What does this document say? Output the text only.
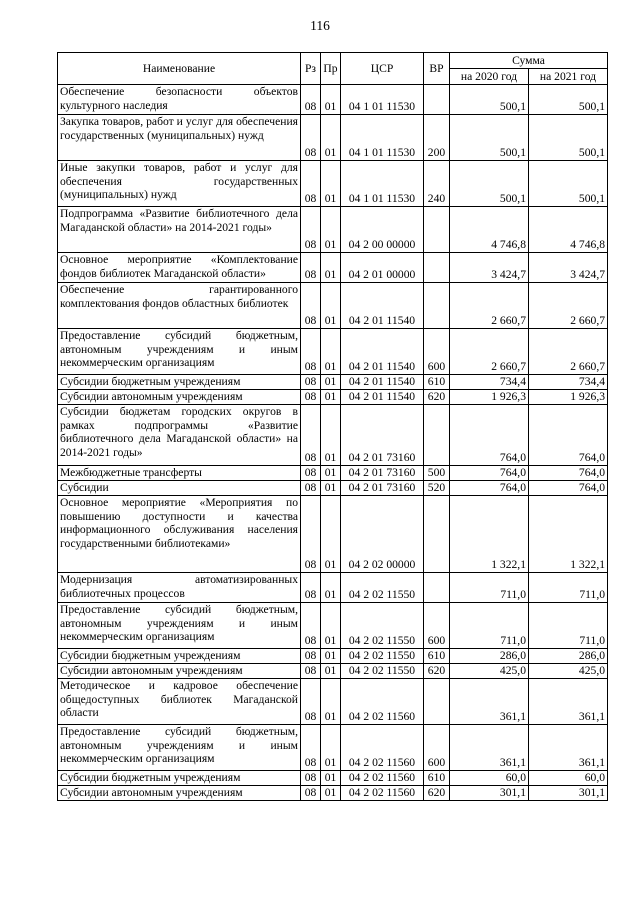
116
Наименование	Рз	Пр	ЦСР	ВР	Сумма	
					на 2020 год	на 2021 год
Обеспечение безопасности объектов культурного наследия	08	01	04 1 01 11530		500,1	500,1
Закупка товаров, работ и услуг для обеспечения государственных (муниципальных) нужд	08	01	04 1 01 11530	200	500,1	500,1
Иные закупки товаров, работ и услуг для обеспечения государственных (муниципальных) нужд	08	01	04 1 01 11530	240	500,1	500,1
Подпрограмма «Развитие библиотечного дела Магаданской области» на 2014-2021 годы»	08	01	04 2 00 00000		4 746,8	4 746,8
Основное мероприятие «Комплектование фондов библиотек Магаданской области»	08	01	04 2 01 00000		3 424,7	3 424,7
Обеспечение гарантированного комплектования фондов областных библиотек	08	01	04 2 01 11540		2 660,7	2 660,7
Предоставление субсидий бюджетным, автономным учреждениям и иным некоммерческим организациям	08	01	04 2 01 11540	600	2 660,7	2 660,7
Субсидии бюджетным учреждениям	08	01	04 2 01 11540	610	734,4	734,4
Субсидии автономным учреждениям	08	01	04 2 01 11540	620	1 926,3	1 926,3
Субсидии бюджетам городских округов в рамках подпрограммы «Развитие библиотечного дела Магаданской области» на 2014-2021 годы»	08	01	04 2 01 73160		764,0	764,0
Межбюджетные трансферты	08	01	04 2 01 73160	500	764,0	764,0
Субсидии	08	01	04 2 01 73160	520	764,0	764,0
Основное мероприятие «Мероприятия по повышению доступности и качества информационного обслуживания населения государственными библиотеками»	08	01	04 2 02 00000		1 322,1	1 322,1
Модернизация автоматизированных библиотечных процессов	08	01	04 2 02 11550		711,0	711,0
Предоставление субсидий бюджетным, автономным учреждениям и иным некоммерческим организациям	08	01	04 2 02 11550	600	711,0	711,0
Субсидии бюджетным учреждениям	08	01	04 2 02 11550	610	286,0	286,0
Субсидии автономным учреждениям	08	01	04 2 02 11550	620	425,0	425,0
Методическое и кадровое обеспечение общедоступных библиотек Магаданской области	08	01	04 2 02 11560		361,1	361,1
Предоставление субсидий бюджетным, автономным учреждениям и иным некоммерческим организациям	08	01	04 2 02 11560	600	361,1	361,1
Субсидии бюджетным учреждениям	08	01	04 2 02 11560	610	60,0	60,0
Субсидии автономным учреждениям	08	01	04 2 02 11560	620	301,1	301,1
